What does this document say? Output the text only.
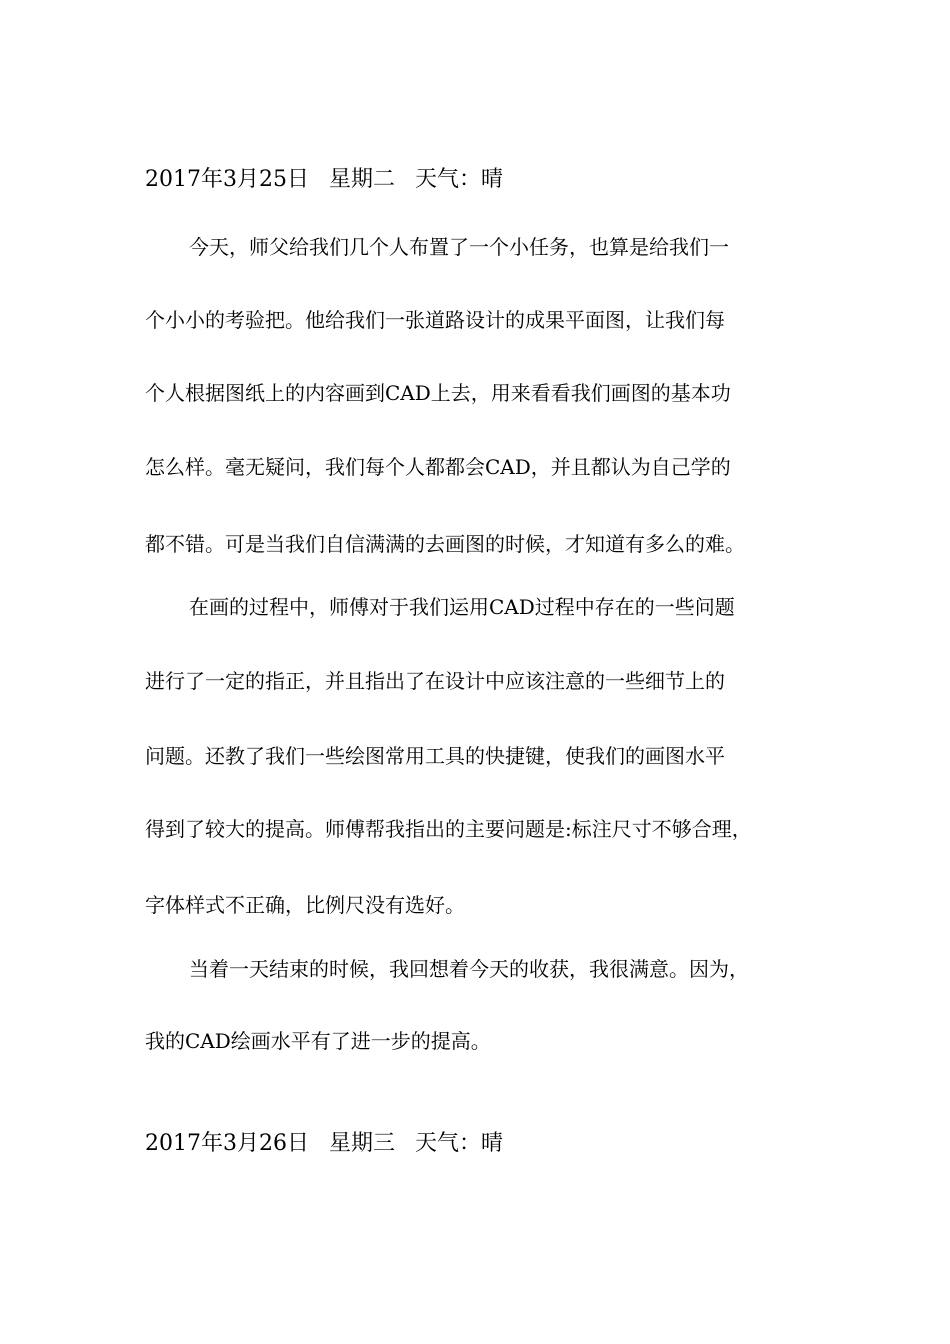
2017年3月25日 星期二 天气：晴
今天，师父给我们几个人布置了一个小任务，也算是给我们一
个小小的考验把。他给我们一张道路设计的成果平面图，让我们每
个人根据图纸上的内容画到CAD上去，用来看看我们画图的基本功
怎么样。毫无疑问，我们每个人都都会CAD，并且都认为自己学的
都不错。可是当我们自信满满的去画图的时候，才知道有多么的难。
在画的过程中，师傅对于我们运用CAD过程中存在的一些问题
进行了一定的指正，并且指出了在设计中应该注意的一些细节上的
问题。还教了我们一些绘图常用工具的快捷键，使我们的画图水平
得到了较大的提高。师傅帮我指出的主要问题是:标注尺寸不够合理，
字体样式不正确，比例尺没有选好。
当着一天结束的时候，我回想着今天的收获，我很满意。因为，
我的CAD绘画水平有了进一步的提高。
2017年3月26日 星期三 天气：晴
